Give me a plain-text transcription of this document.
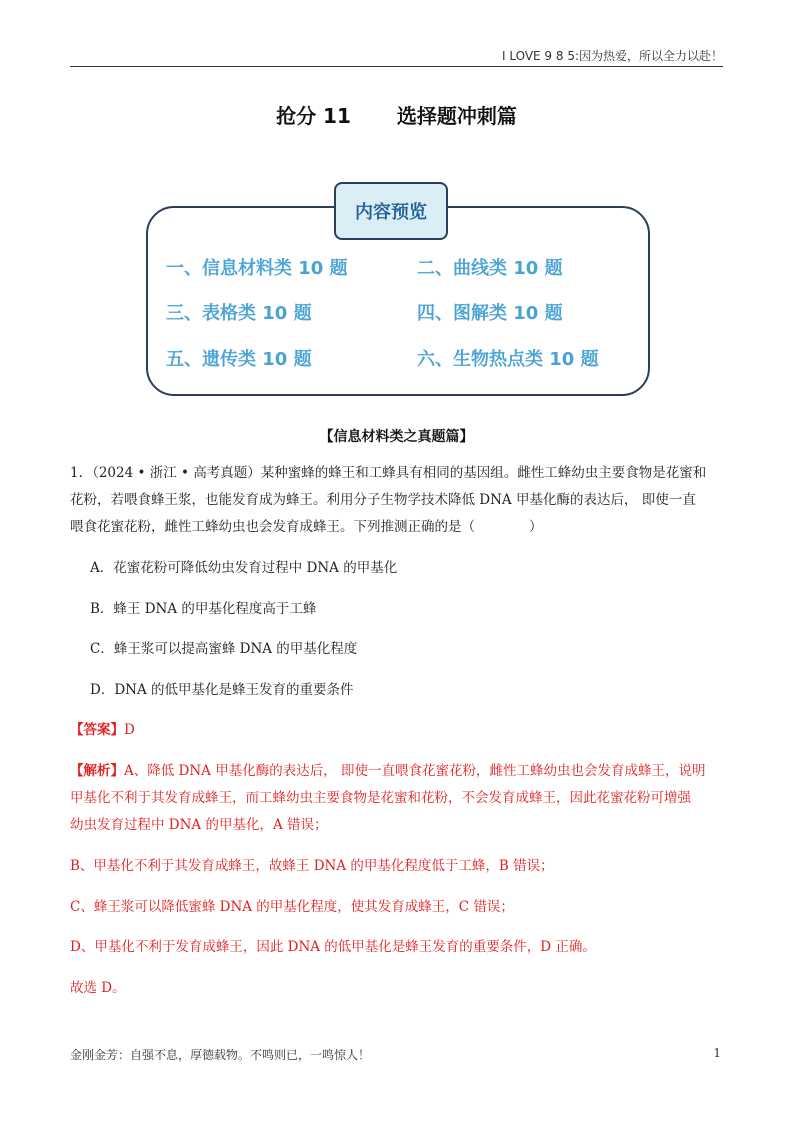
I LOVE 9 8 5:因为热爱，所以全力以赴！
抢分 11 选择题冲刺篇
内容预览
一、信息材料类 10 题	二、曲线类 10 题
三、表格类 10 题	四、图解类 10 题
五、遗传类 10 题	六、生物热点类 10 题
【信息材料类之真题篇】
1．（2024 • 浙江 • 高考真题）某种蜜蜂的蜂王和工蜂具有相同的基因组。雌性工蜂幼虫主要食物是花蜜和
花粉，若喂食蜂王浆，也能发育成为蜂王。利用分子生物学技术降低 DNA 甲基化酶的表达后， 即使一直
喂食花蜜花粉，雌性工蜂幼虫也会发育成蜂王。下列推测正确的是（　　　　）
A．花蜜花粉可降低幼虫发育过程中 DNA 的甲基化
B．蜂王 DNA 的甲基化程度高于工蜂
C．蜂王浆可以提高蜜蜂 DNA 的甲基化程度
D．DNA 的低甲基化是蜂王发育的重要条件
【答案】D
【解析】A、降低 DNA 甲基化酶的表达后， 即使一直喂食花蜜花粉，雌性工蜂幼虫也会发育成蜂王，说明
甲基化不利于其发育成蜂王，而工蜂幼虫主要食物是花蜜和花粉，不会发育成蜂王，因此花蜜花粉可增强
幼虫发育过程中 DNA 的甲基化，A 错误；
B、甲基化不利于其发育成蜂王，故蜂王 DNA 的甲基化程度低于工蜂，B 错误；
C、蜂王浆可以降低蜜蜂 DNA 的甲基化程度，使其发育成蜂王，C 错误；
D、甲基化不利于发育成蜂王，因此 DNA 的低甲基化是蜂王发育的重要条件，D 正确。
故选 D。
金刚金芳：自强不息，厚德载物。不鸣则已，一鸣惊人！	1
